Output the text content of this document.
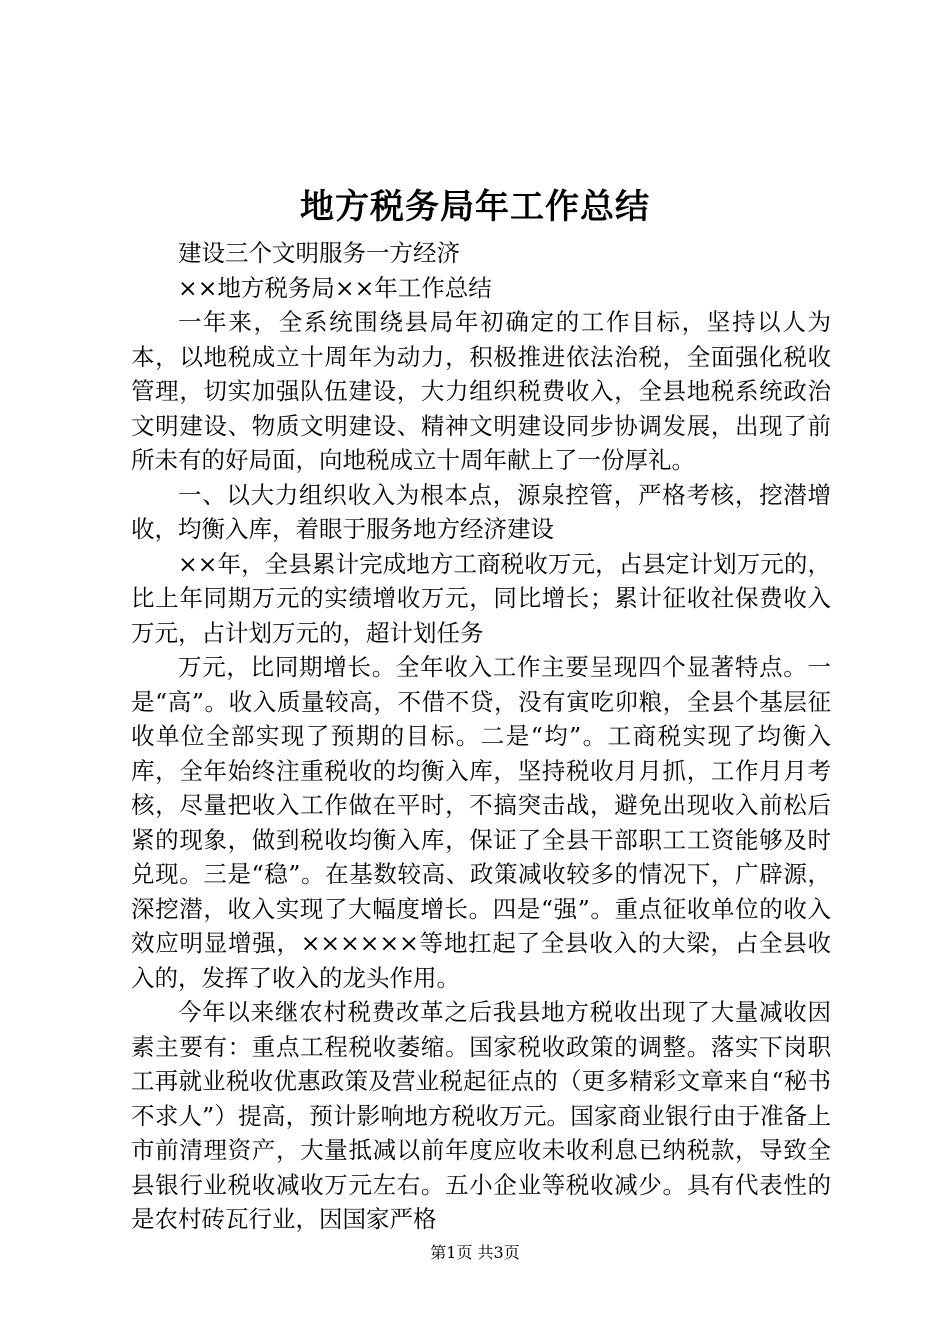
地方税务局年工作总结

建设三个文明服务一方经济

××地方税务局××年工作总结

一年来，全系统围绕县局年初确定的工作目标，坚持以人为本，以地税成立十周年为动力，积极推进依法治税，全面强化税收管理，切实加强队伍建设，大力组织税费收入，全县地税系统政治文明建设、物质文明建设、精神文明建设同步协调发展，出现了前所未有的好局面，向地税成立十周年献上了一份厚礼。

一、以大力组织收入为根本点，源泉控管，严格考核，挖潜增收，均衡入库，着眼于服务地方经济建设

××年，全县累计完成地方工商税收万元，占县定计划万元的，比上年同期万元的实绩增收万元，同比增长；累计征收社保费收入万元，占计划万元的，超计划任务

万元，比同期增长。全年收入工作主要呈现四个显著特点。一是“高”。收入质量较高，不借不贷，没有寅吃卯粮，全县个基层征收单位全部实现了预期的目标。二是“均”。工商税实现了均衡入库，全年始终注重税收的均衡入库，坚持税收月月抓，工作月月考核，尽量把收入工作做在平时，不搞突击战，避免出现收入前松后紧的现象，做到税收均衡入库，保证了全县干部职工工资能够及时兑现。三是“稳”。在基数较高、政策减收较多的情况下，广辟源，深挖潜，收入实现了大幅度增长。四是“强”。重点征收单位的收入效应明显增强，××××××等地扛起了全县收入的大梁，占全县收入的，发挥了收入的龙头作用。

今年以来继农村税费改革之后我县地方税收出现了大量减收因素主要有：重点工程税收萎缩。国家税收政策的调整。落实下岗职工再就业税收优惠政策及营业税起征点的（更多精彩文章来自“秘书不求人”）提高，预计影响地方税收万元。国家商业银行由于准备上市前清理资产，大量抵减以前年度应收未收利息已纳税款，导致全县银行业税收减收万元左右。五小企业等税收减少。具有代表性的是农村砖瓦行业，因国家严格

第1页 共3页
